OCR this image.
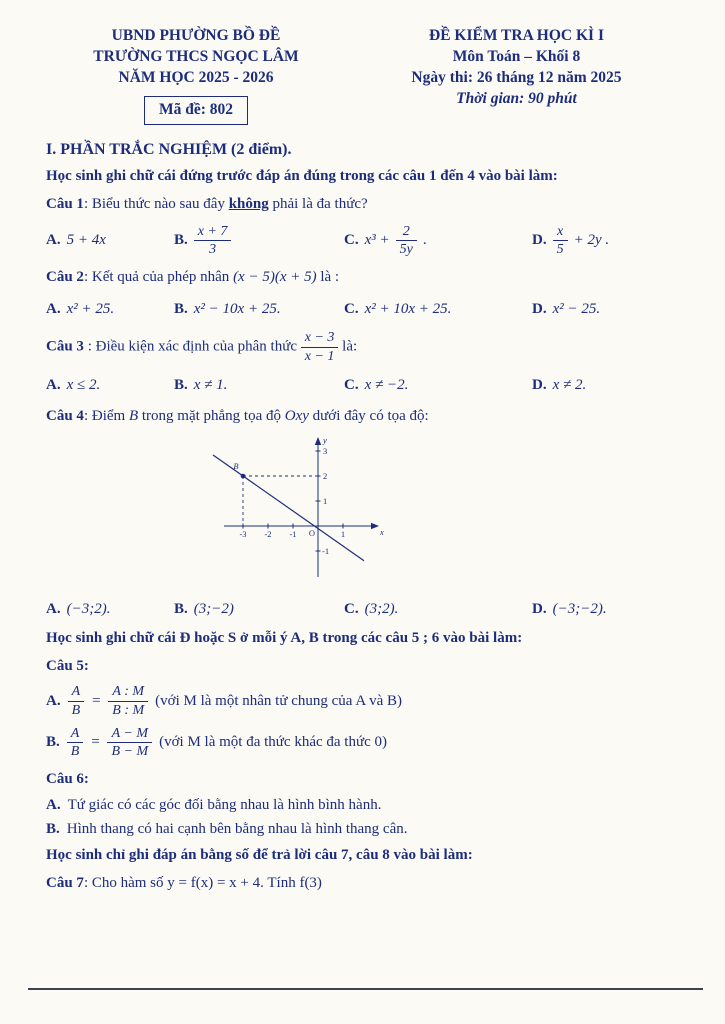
UBND PHƯỜNG BỒ ĐỀ
TRƯỜNG THCS NGỌC LÂM
NĂM HỌC 2025 - 2026
Mã đề: 802
ĐỀ KIỂM TRA HỌC KÌ I
Môn Toán – Khối 8
Ngày thi: 26 tháng 12 năm 2025
Thời gian: 90 phút
I. PHẦN TRẮC NGHIỆM (2 điểm).
Học sinh ghi chữ cái đứng trước đáp án đúng trong các câu 1 đến 4 vào bài làm:

Câu 1: Biểu thức nào sau đây không phải là đa thức?

A. 5 + 4x	B. $\frac{x + 7}{3}$	C. $x^3 + \frac{2}{5y}$ .	D. $\frac{x}{5} + 2y$ .

Câu 2: Kết quả của phép nhân (x − 5)(x + 5) là :

A. x² + 25.	B. x² − 10x + 25.	C. x² + 10x + 25.	D. x² − 25.

Câu 3 : Điều kiện xác định của phân thức $\frac{x - 3}{x - 1}$ là:

A. x ≤ 2.	B. x ≠ 1.	C. x ≠ −2.	D. x ≠ 2.

Câu 4: Điểm B trong mặt phẳng tọa độ Oxy dưới đây có tọa độ:

B
-3 -2 -1	1
O
3
2
1
-1
x
y
A. (−3;2).	B. (3;−2)	C. (3;2).	D. (−3;−2).
Học sinh ghi chữ cái Đ hoặc S ở mỗi ý A, B trong các câu 5 ; 6 vào bài làm:

Câu 5:

A. $\frac{A}{B} = \frac{A : M}{B : M}$ (với M là một nhân tử chung của A và B)
B. $\frac{A}{B} = \frac{A - M}{B - M}$ (với M là một đa thức khác đa thức 0)

Câu 6:

A. Tứ giác có các góc đối bằng nhau là hình bình hành.
B. Hình thang có hai cạnh bên bằng nhau là hình thang cân.
Học sinh chỉ ghi đáp án bằng số để trả lời câu 7, câu 8 vào bài làm:

Câu 7: Cho hàm số y = f(x) = x + 4. Tính f(3)
